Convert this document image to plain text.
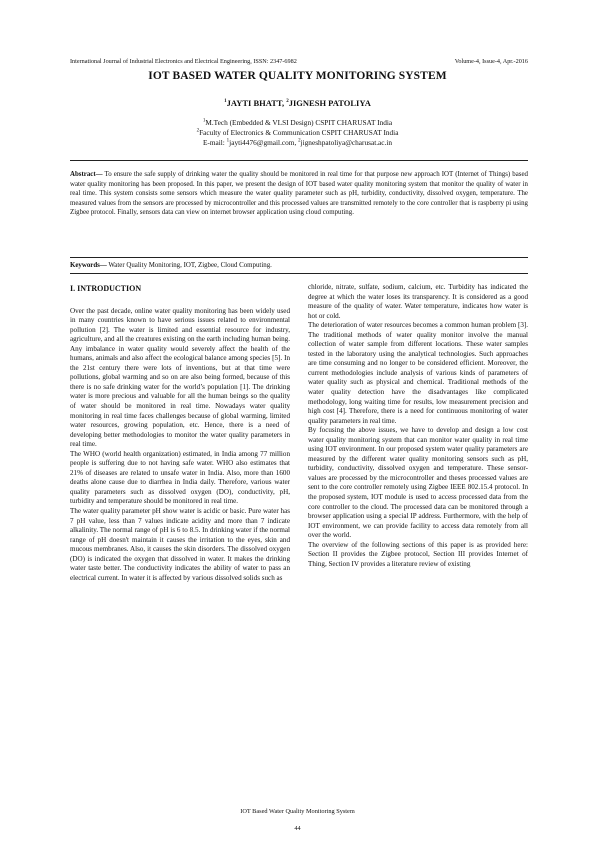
International Journal of Industrial Electronics and Electrical Engineering, ISSN: 2347-6982	Volume-4, Issue-4, Apr.-2016
IOT BASED WATER QUALITY MONITORING SYSTEM
$^1$JAYTI BHATT, $^2$JIGNESH PATOLIYA
$^1$M.Tech (Embedded & VLSI Design) CSPIT CHARUSAT India
$^2$Faculty of Electronics & Communication CSPIT CHARUSAT India
E-mail: $^1$jayti4476@gmail.com, $^2$jigneshpatoliya@charusat.ac.in
Abstract— To ensure the safe supply of drinking water the quality should be monitored in real time for that purpose new approach IOT (Internet of Things) based water quality monitoring has been proposed. In this paper, we present the design of IOT based water quality monitoring system that monitor the quality of water in real time. This system consists some sensors which measure the water quality parameter such as pH, turbidity, conductivity, dissolved oxygen, temperature. The measured values from the sensors are processed by microcontroller and this processed values are transmitted remotely to the core controller that is raspberry pi using Zigbee protocol. Finally, sensors data can view on internet browser application using cloud computing.
Keywords— Water Quality Monitoring, IOT, Zigbee, Cloud Computing.
I. INTRODUCTION

Over the past decade, online water quality monitoring has been widely used in many countries known to have serious issues related to environmental pollution [2]. The water is limited and essential resource for industry, agriculture, and all the creatures existing on the earth including human being. Any imbalance in water quality would severely affect the health of the humans, animals and also affect the ecological balance among species [5]. In the 21st century there were lots of inventions, but at that time were pollutions, global warming and so on are also being formed, because of this there is no safe drinking water for the world’s population [1]. The drinking water is more precious and valuable for all the human beings so the quality of water should be monitored in real time. Nowadays water quality monitoring in real time faces challenges because of global warming, limited water resources, growing population, etc. Hence, there is a need of developing better methodologies to monitor the water quality parameters in real time.

The WHO (world health organization) estimated, in India among 77 million people is suffering due to not having safe water. WHO also estimates that 21% of diseases are related to unsafe water in India. Also, more than 1600 deaths alone cause due to diarrhea in India daily. Therefore, various water quality parameters such as dissolved oxygen (DO), conductivity, pH, turbidity and temperature should be monitored in real time.

The water quality parameter pH show water is acidic or basic. Pure water has 7 pH value, less than 7 values indicate acidity and more than 7 indicate alkalinity. The normal range of pH is 6 to 8.5. In drinking water if the normal range of pH doesn't maintain it causes the irritation to the eyes, skin and mucous membranes. Also, it causes the skin disorders. The dissolved oxygen (DO) is indicated the oxygen that dissolved in water. It makes the drinking water taste better. The conductivity indicates the ability of water to pass an electrical current. In water it is affected by various dissolved solids such as

chloride, nitrate, sulfate, sodium, calcium, etc. Turbidity has indicated the degree at which the water loses its transparency. It is considered as a good measure of the quality of water. Water temperature, indicates how water is hot or cold.

The deterioration of water resources becomes a common human problem [3]. The traditional methods of water quality monitor involve the manual collection of water sample from different locations. These water samples tested in the laboratory using the analytical technologies. Such approaches are time consuming and no longer to be considered efficient. Moreover, the current methodologies include analysis of various kinds of parameters of water quality such as physical and chemical. Traditional methods of the water quality detection have the disadvantages like complicated methodology, long waiting time for results, low measurement precision and high cost [4]. Therefore, there is a need for continuous monitoring of water quality parameters in real time.

By focusing the above issues, we have to develop and design a low cost water quality monitoring system that can monitor water quality in real time using IOT environment. In our proposed system water quality parameters are measured by the different water quality monitoring sensors such as pH, turbidity, conductivity, dissolved oxygen and temperature. These sensor-values are processed by the microcontroller and theses processed values are sent to the core controller remotely using Zigbee IEEE 802.15.4 protocol. In the proposed system, IOT module is used to access processed data from the core controller to the cloud. The processed data can be monitored through a browser application using a special IP address. Furthermore, with the help of IOT environment, we can provide facility to access data remotely from all over the world.

The overview of the following sections of this paper is as provided here: Section II provides the Zigbee protocol, Section III provides Internet of Thing, Section IV provides a literature review of existing

IOT Based Water Quality Monitoring System
44
